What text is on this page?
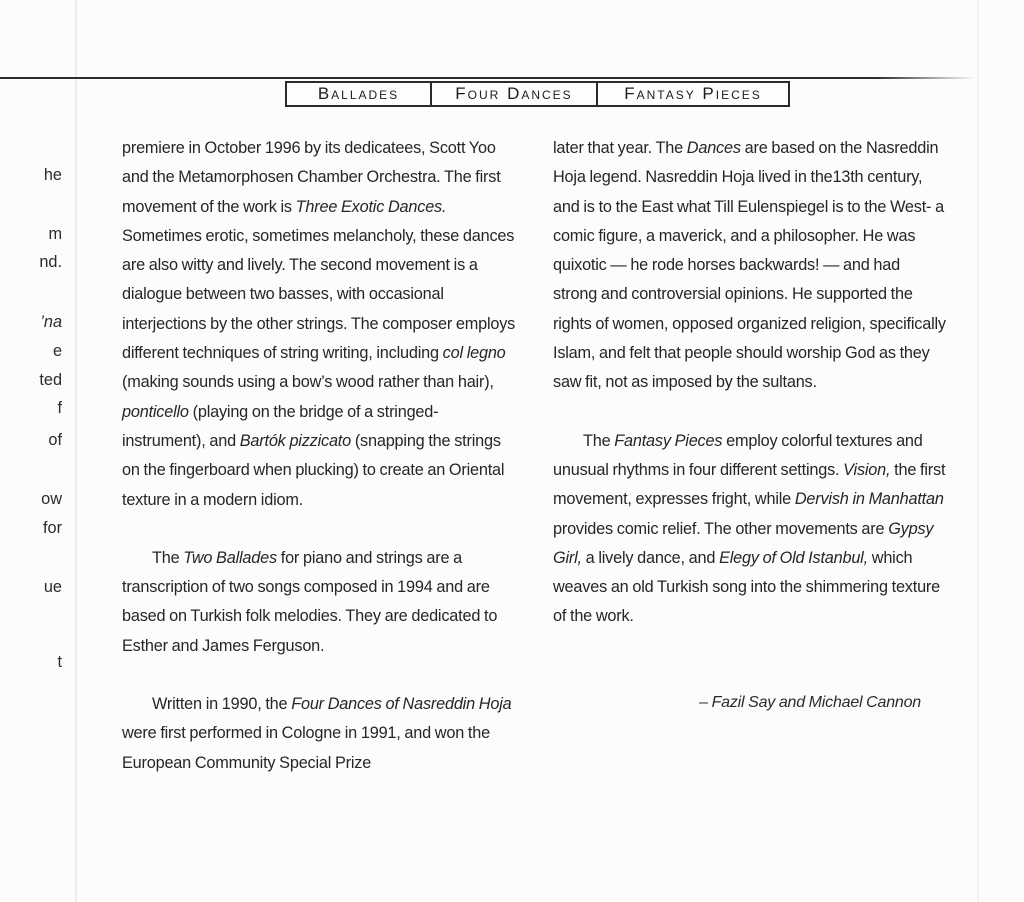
Ballades	Four Dances	Fantasy Pieces
he
m
nd.
’na
e
ted
f
of
ow
for
ue
t

premiere in October 1996 by its dedicatees, Scott Yoo and the Metamorphosen Chamber Orchestra. The first movement of the work is Three Exotic Dances. Sometimes erotic, sometimes melancholy, these dances are also witty and lively. The second movement is a dialogue between two basses, with occasional interjections by the other strings. The composer employs different techniques of string writing, including col legno (making sounds using a bow’s wood rather than hair), ponticello (playing on the bridge of a stringed- instrument), and Bartók pizzicato (snapping the strings on the fingerboard when plucking) to create an Oriental texture in a modern idiom.

The Two Ballades for piano and strings are a transcription of two songs composed in 1994 and are based on Turkish folk melodies. They are dedicated to Esther and James Ferguson.

Written in 1990, the Four Dances of Nasreddin Hoja were first performed in Cologne in 1991, and won the European Community Special Prize

later that year. The Dances are based on the Nasreddin Hoja legend. Nasreddin Hoja lived in the13th century, and is to the East what Till Eulenspiegel is to the West- a comic figure, a maverick, and a philosopher. He was quixotic — he rode horses backwards! — and had strong and controversial opinions. He supported the rights of women, opposed organized religion, specifically Islam, and felt that people should worship God as they saw fit, not as imposed by the sultans.

The Fantasy Pieces employ colorful textures and unusual rhythms in four different settings. Vision, the first movement, expresses fright, while Dervish in Manhattan provides comic relief. The other movements are Gypsy Girl, a lively dance, and Elegy of Old Istanbul, which weaves an old Turkish song into the shimmering texture of the work.

– Fazil Say and Michael Cannon
